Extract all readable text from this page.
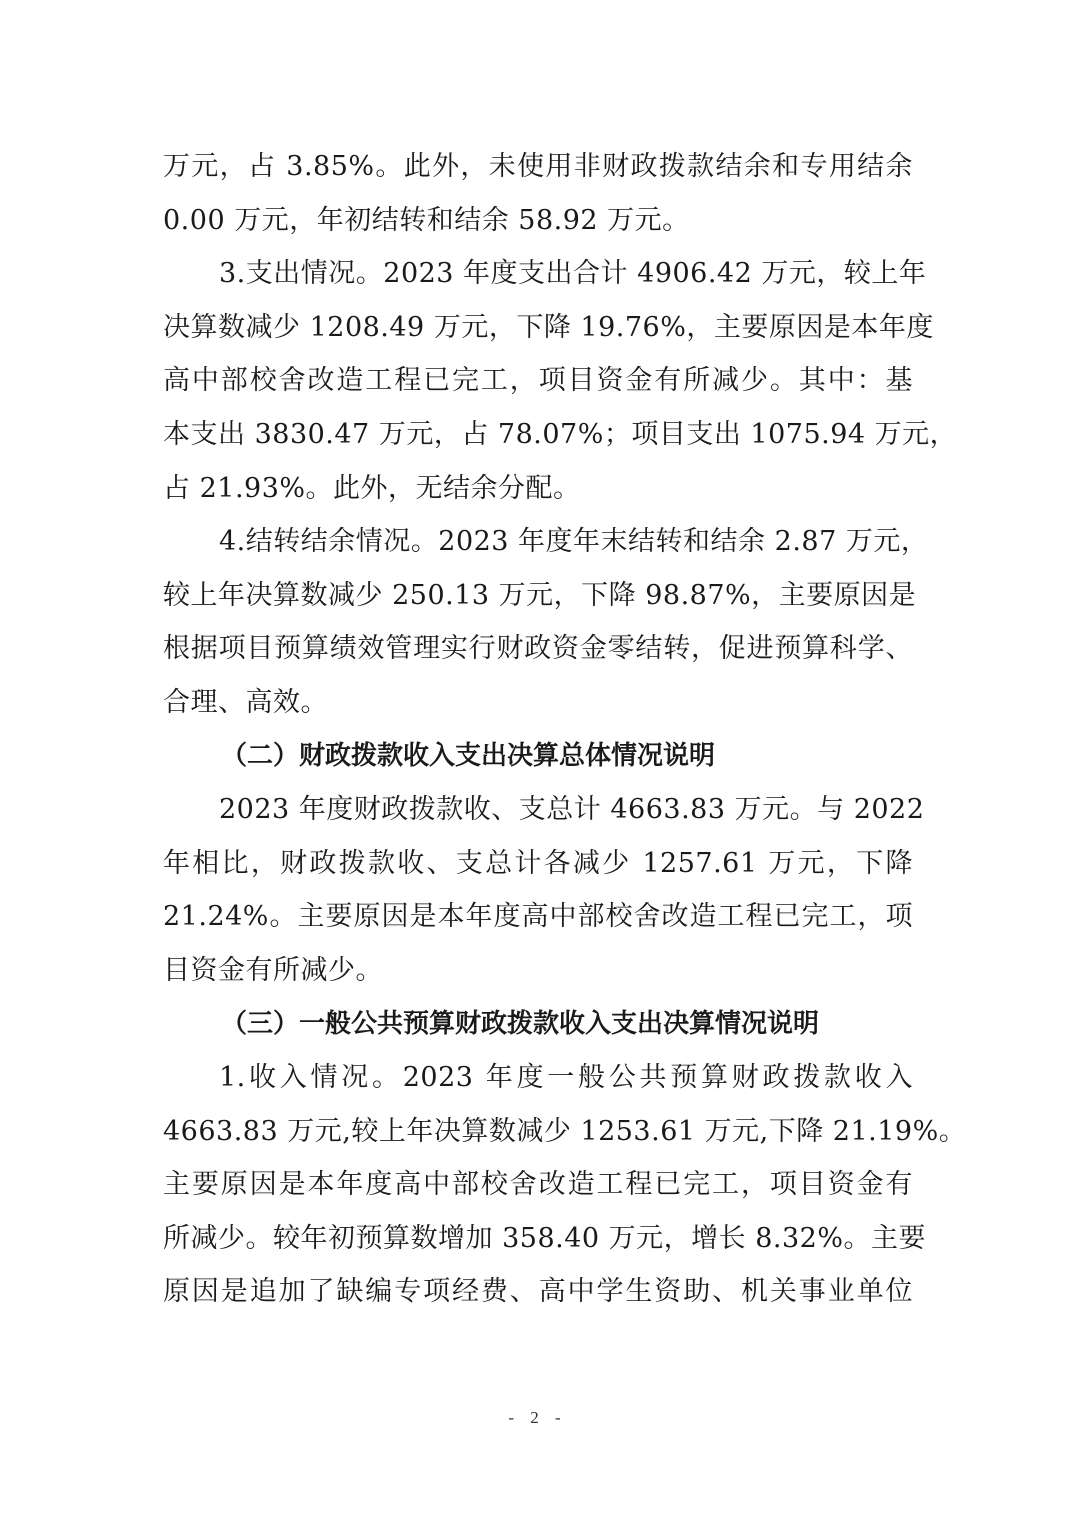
万元，占 3.85%。此外，未使用非财政拨款结余和专用结余
0.00 万元，年初结转和结余 58.92 万元。
3.支出情况。2023 年度支出合计 4906.42 万元，较上年
决算数减少 1208.49 万元，下降 19.76%，主要原因是本年度
高中部校舍改造工程已完工，项目资金有所减少。其中：基
本支出 3830.47 万元，占 78.07%；项目支出 1075.94 万元，
占 21.93%。此外，无结余分配。
4.结转结余情况。2023 年度年末结转和结余 2.87 万元，
较上年决算数减少 250.13 万元，下降 98.87%，主要原因是
根据项目预算绩效管理实行财政资金零结转，促进预算科学、
合理、高效。
（二）财政拨款收入支出决算总体情况说明
2023 年度财政拨款收、支总计 4663.83 万元。与 2022
年相比，财政拨款收、支总计各减少 1257.61 万元，下降
21.24%。主要原因是本年度高中部校舍改造工程已完工，项
目资金有所减少。
（三）一般公共预算财政拨款收入支出决算情况说明
1.收入情况。2023 年度一般公共预算财政拨款收入
4663.83 万元,较上年决算数减少 1253.61 万元,下降 21.19%。
主要原因是本年度高中部校舍改造工程已完工，项目资金有
所减少。较年初预算数增加 358.40 万元，增长 8.32%。主要
原因是追加了缺编专项经费、高中学生资助、机关事业单位
- 2 -
